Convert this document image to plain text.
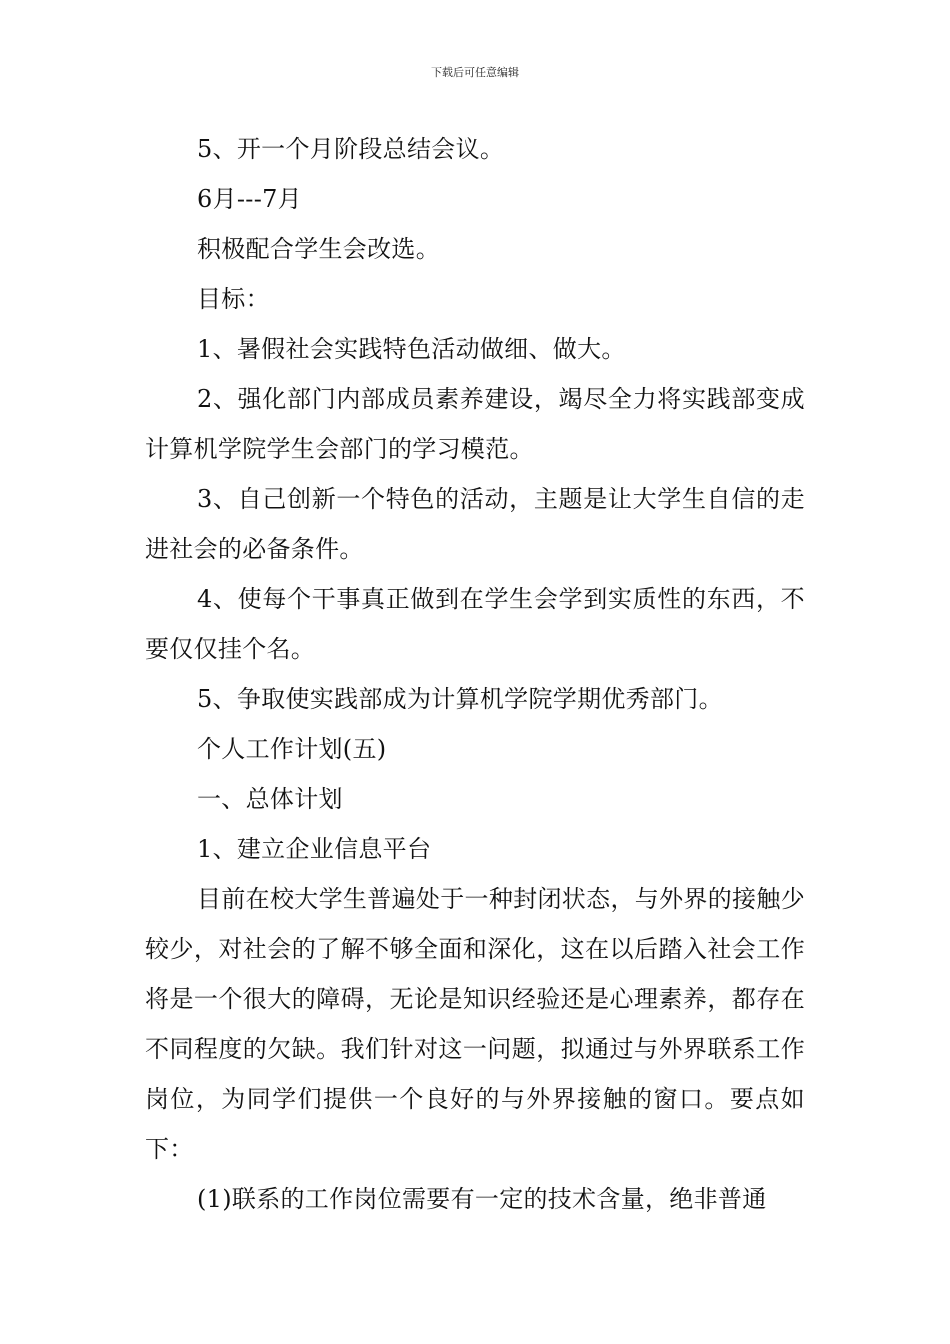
下载后可任意编辑

5、开一个月阶段总结会议。

6月---7月

积极配合学生会改选。

目标：

1、暑假社会实践特色活动做细、做大。

2、强化部门内部成员素养建设，竭尽全力将实践部变成计算机学院学生会部门的学习模范。

3、自己创新一个特色的活动，主题是让大学生自信的走进社会的必备条件。

4、使每个干事真正做到在学生会学到实质性的东西，不要仅仅挂个名。

5、争取使实践部成为计算机学院学期优秀部门。

个人工作计划(五)

一、总体计划

1、建立企业信息平台

目前在校大学生普遍处于一种封闭状态，与外界的接触少较少，对社会的了解不够全面和深化，这在以后踏入社会工作将是一个很大的障碍，无论是知识经验还是心理素养，都存在不同程度的欠缺。我们针对这一问题，拟通过与外界联系工作岗位，为同学们提供一个良好的与外界接触的窗口。要点如下：

(1)联系的工作岗位需要有一定的技术含量，绝非普通
